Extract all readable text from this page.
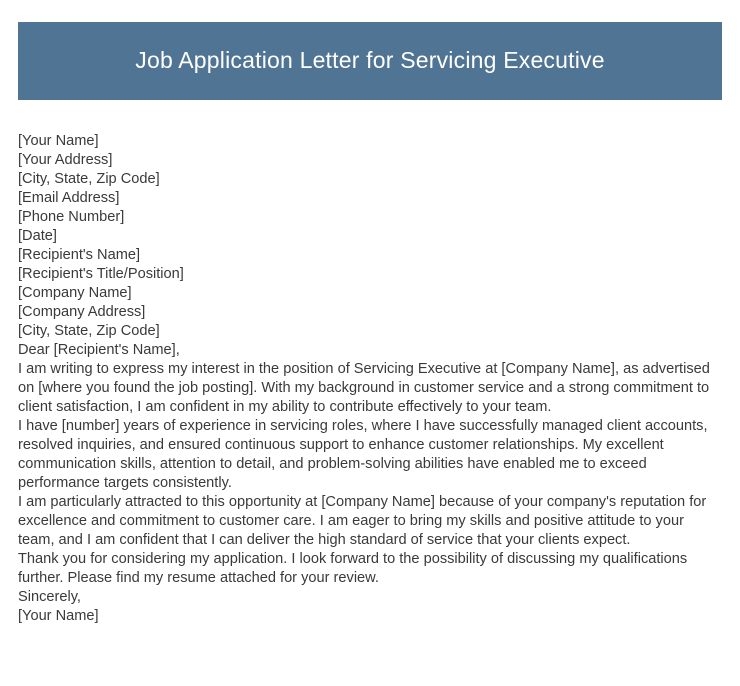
Job Application Letter for Servicing Executive
[Your Name]
[Your Address]
[City, State, Zip Code]
[Email Address]
[Phone Number]
[Date]
[Recipient's Name]
[Recipient's Title/Position]
[Company Name]
[Company Address]
[City, State, Zip Code]
Dear [Recipient's Name],

I am writing to express my interest in the position of Servicing Executive at [Company Name], as advertised on [where you found the job posting]. With my background in customer service and a strong commitment to client satisfaction, I am confident in my ability to contribute effectively to your team.

I have [number] years of experience in servicing roles, where I have successfully managed client accounts, resolved inquiries, and ensured continuous support to enhance customer relationships. My excellent communication skills, attention to detail, and problem-solving abilities have enabled me to exceed performance targets consistently.

I am particularly attracted to this opportunity at [Company Name] because of your company's reputation for excellence and commitment to customer care. I am eager to bring my skills and positive attitude to your team, and I am confident that I can deliver the high standard of service that your clients expect.

Thank you for considering my application. I look forward to the possibility of discussing my qualifications further. Please find my resume attached for your review.

Sincerely,
[Your Name]
